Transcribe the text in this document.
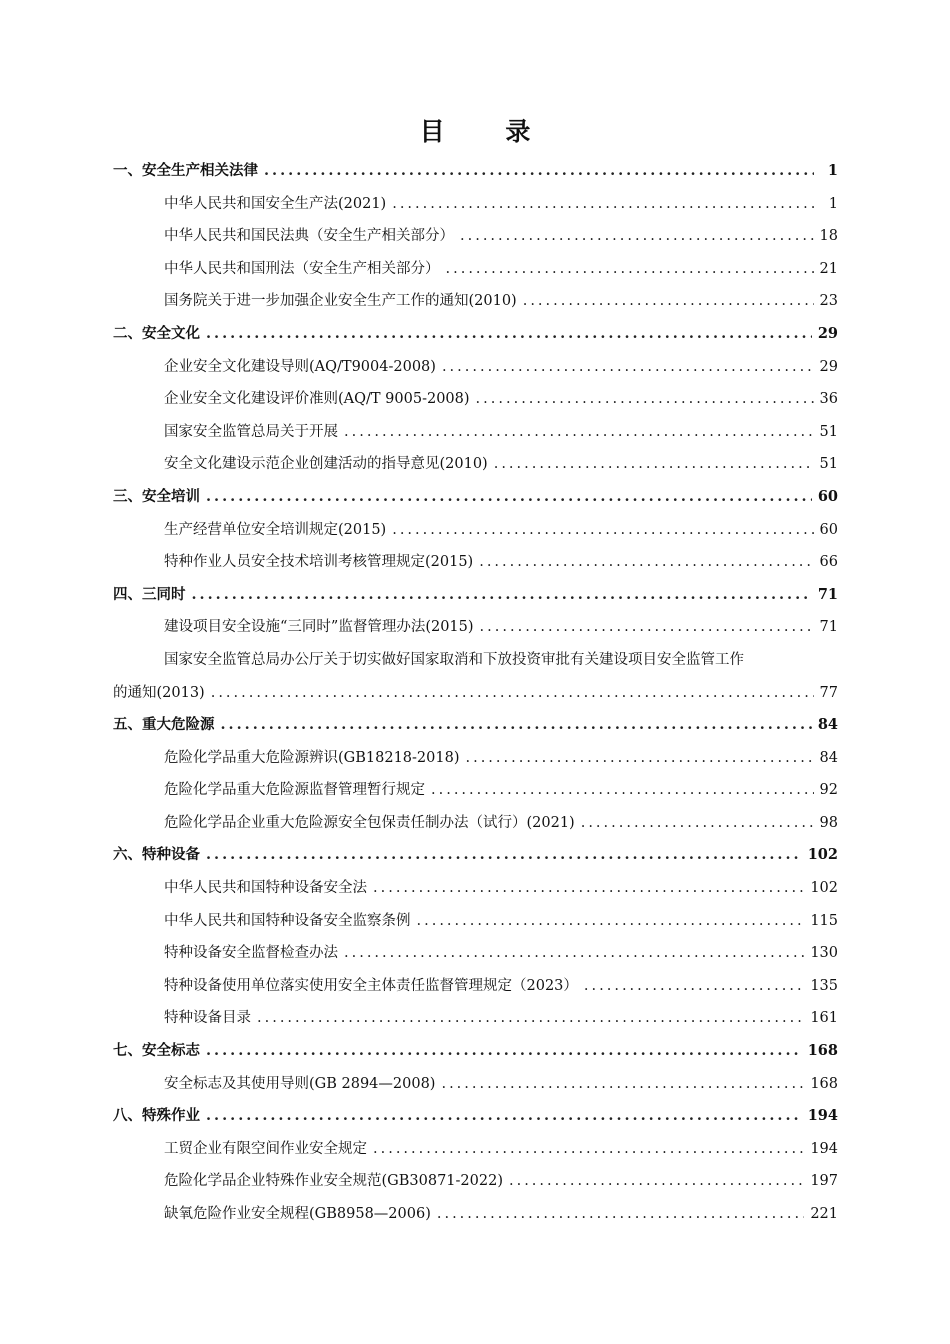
目 录
一、安全生产相关法律 .....	1
中华人民共和国安全生产法(2021) .....	1
中华人民共和国民法典（安全生产相关部分） .....	18
中华人民共和国刑法（安全生产相关部分） .....	21
国务院关于进一步加强企业安全生产工作的通知(2010) .....	23
二、安全文化 .....	29
企业安全文化建设导则(AQ/T9004-2008) .....	29
企业安全文化建设评价准则(AQ/T 9005-2008) .....	36
国家安全监管总局关于开展 .....	51
安全文化建设示范企业创建活动的指导意见(2010) .....	51
三、安全培训 .....	60
生产经营单位安全培训规定(2015) .....	60
特种作业人员安全技术培训考核管理规定(2015) .....	66
四、三同时 .....	71
建设项目安全设施“三同时”监督管理办法(2015) .....	71
国家安全监管总局办公厅关于切实做好国家取消和下放投资审批有关建设项目安全监管工作
的通知(2013) .....	77
五、重大危险源 .....	84
危险化学品重大危险源辨识(GB18218-2018) .....	84
危险化学品重大危险源监督管理暂行规定 .....	92
危险化学品企业重大危险源安全包保责任制办法（试行）(2021) .....	98
六、特种设备 .....	102
中华人民共和国特种设备安全法 .....	102
中华人民共和国特种设备安全监察条例 .....	115
特种设备安全监督检查办法 .....	130
特种设备使用单位落实使用安全主体责任监督管理规定（2023） .....	135
特种设备目录 .....	161
七、安全标志 .....	168
安全标志及其使用导则(GB 2894—2008) .....	168
八、特殊作业 .....	194
工贸企业有限空间作业安全规定 .....	194
危险化学品企业特殊作业安全规范(GB30871-2022) .....	197
缺氧危险作业安全规程(GB8958—2006) .....	221
